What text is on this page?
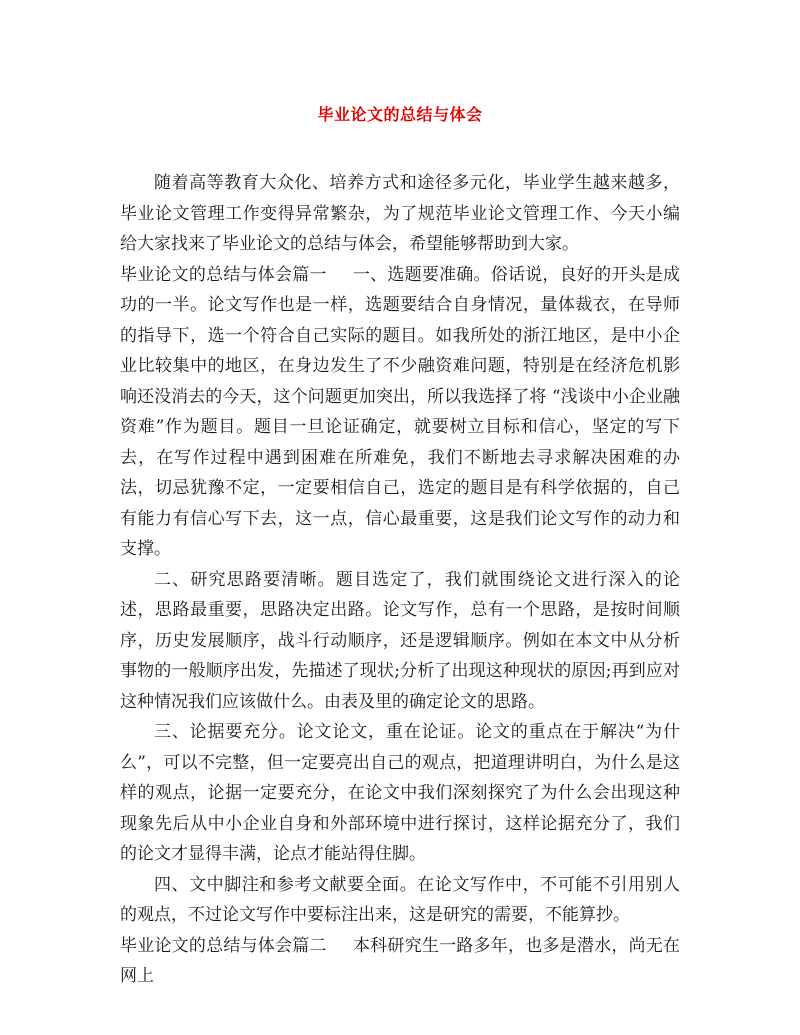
毕业论文的总结与体会

随着高等教育大众化、培养方式和途径多元化，毕业学生越来越多，毕业论文管理工作变得异常繁杂，为了规范毕业论文管理工作、今天小编给大家找来了毕业论文的总结与体会，希望能够帮助到大家。

毕业论文的总结与体会篇一 一、选题要准确。俗话说，良好的开头是成功的一半。论文写作也是一样，选题要结合自身情况，量体裁衣，在导师的指导下，选一个符合自己实际的题目。如我所处的浙江地区，是中小企业比较集中的地区，在身边发生了不少融资难问题，特别是在经济危机影响还没消去的今天，这个问题更加突出，所以我选择了将 “浅谈中小企业融资难”作为题目。题目一旦论证确定，就要树立目标和信心，坚定的写下去，在写作过程中遇到困难在所难免，我们不断地去寻求解决困难的办法，切忌犹豫不定，一定要相信自己，选定的题目是有科学依据的，自己有能力有信心写下去，这一点，信心最重要，这是我们论文写作的动力和支撑。

二、研究思路要清晰。题目选定了，我们就围绕论文进行深入的论述，思路最重要，思路决定出路。论文写作，总有一个思路，是按时间顺序，历史发展顺序，战斗行动顺序，还是逻辑顺序。例如在本文中从分析事物的一般顺序出发，先描述了现状;分析了出现这种现状的原因;再到应对这种情况我们应该做什么。由表及里的确定论文的思路。

三、论据要充分。论文论文，重在论证。论文的重点在于解决“为什么”，可以不完整，但一定要亮出自己的观点，把道理讲明白，为什么是这样的观点，论据一定要充分，在论文中我们深刻探究了为什么会出现这种现象先后从中小企业自身和外部环境中进行探讨，这样论据充分了，我们的论文才显得丰满，论点才能站得住脚。

四、文中脚注和参考文献要全面。在论文写作中，不可能不引用别人的观点，不过论文写作中要标注出来，这是研究的需要，不能算抄。

毕业论文的总结与体会篇二 本科研究生一路多年，也多是潜水，尚无在网上
